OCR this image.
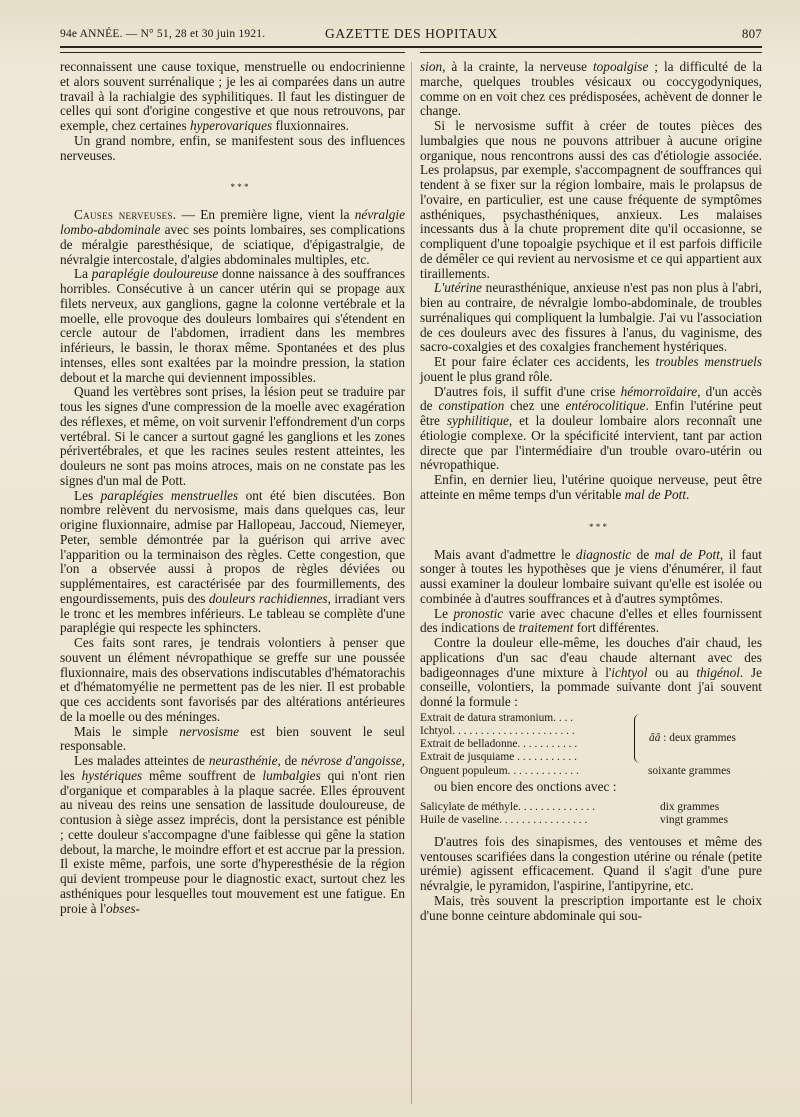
94e ANNÉE. — N° 51, 28 et 30 juin 1921.	GAZETTE DES HOPITAUX	807

reconnaissent une cause toxique, menstruelle ou endocrinienne et alors souvent surrénalique ; je les ai comparées dans un autre travail à la rachialgie des syphilitiques. Il faut les distinguer de celles qui sont d'origine congestive et que nous retrouvons, par exemple, chez certaines hyperovariques fluxionnaires.

Un grand nombre, enfin, se manifestent sous des influences nerveuses.

* * *

Causes nerveuses. — En première ligne, vient la névralgie lombo-abdominale avec ses points lombaires, ses complications de méralgie paresthésique, de sciatique, d'épigastralgie, de névralgie intercostale, d'algies abdominales multiples, etc.

La paraplégie douloureuse donne naissance à des souffrances horribles. Consécutive à un cancer utérin qui se propage aux filets nerveux, aux ganglions, gagne la colonne vertébrale et la moelle, elle provoque des douleurs lombaires qui s'étendent en cercle autour de l'abdomen, irradient dans les membres inférieurs, le bassin, le thorax même. Spontanées et des plus intenses, elles sont exaltées par la moindre pression, la station debout et la marche qui deviennent impossibles.

Quand les vertèbres sont prises, la lésion peut se traduire par tous les signes d'une compression de la moelle avec exagération des réflexes, et même, on voit survenir l'effondrement d'un corps vertébral. Si le cancer a surtout gagné les ganglions et les zones périvertébrales, et que les racines seules restent atteintes, les douleurs ne sont pas moins atroces, mais on ne constate pas les signes d'un mal de Pott.

Les paraplégies menstruelles ont été bien discutées. Bon nombre relèvent du nervosisme, mais dans quelques cas, leur origine fluxionnaire, admise par Hallopeau, Jaccoud, Niemeyer, Peter, semble démontrée par la guérison qui arrive avec l'apparition ou la terminaison des règles. Cette congestion, que l'on a observée aussi à propos de règles déviées ou supplémentaires, est caractérisée par des fourmillements, des engourdissements, puis des douleurs rachidiennes, irradiant vers le tronc et les membres inférieurs. Le tableau se complète d'une paraplégie qui respecte les sphincters.

Ces faits sont rares, je tendrais volontiers à penser que souvent un élément névropathique se greffe sur une poussée fluxionnaire, mais des observations indiscutables d'hématorachis et d'hématomyélie ne permettent pas de les nier. Il est probable que ces accidents sont favorisés par des altérations antérieures de la moelle ou des méninges.

Mais le simple nervosisme est bien souvent le seul responsable.

Les malades atteintes de neurasthénie, de névrose d'angoisse, les hystériques même souffrent de lumbalgies qui n'ont rien d'organique et comparables à la plaque sacrée. Elles éprouvent au niveau des reins une sensation de lassitude douloureuse, de contusion à siège assez imprécis, dont la persistance est pénible ; cette douleur s'accompagne d'une faiblesse qui gêne la station debout, la marche, le moindre effort et est accrue par la pression. Il existe même, parfois, une sorte d'hyperesthésie de la région qui devient trompeuse pour le diagnostic exact, surtout chez les asthéniques pour lesquelles tout mouvement est une fatigue. En proie à l'obses-

sion, à la crainte, la nerveuse topoalgise ; la difficulté de la marche, quelques troubles vésicaux ou coccygodyniques, comme on en voit chez ces prédisposées, achèvent de donner le change.

Si le nervosisme suffit à créer de toutes pièces des lumbalgies que nous ne pouvons attribuer à aucune origine organique, nous rencontrons aussi des cas d'étiologie associée. Les prolapsus, par exemple, s'accompagnent de souffrances qui tendent à se fixer sur la région lombaire, mais le prolapsus de l'ovaire, en particulier, est une cause fréquente de symptômes asthéniques, psychasthéniques, anxieux. Les malaises incessants dus à la chute proprement dite qu'il occasionne, se compliquent d'une topoalgie psychique et il est parfois difficile de démêler ce qui revient au nervosisme et ce qui appartient aux tiraillements.

L'utérine neurasthénique, anxieuse n'est pas non plus à l'abri, bien au contraire, de névralgie lombo-abdominale, de troubles surrénaliques qui compliquent la lumbalgie. J'ai vu l'association de ces douleurs avec des fissures à l'anus, du vaginisme, des sacro-coxalgies et des coxalgies franchement hystériques.

Et pour faire éclater ces accidents, les troubles menstruels jouent le plus grand rôle.

D'autres fois, il suffit d'une crise hémorroïdaire, d'un accès de constipation chez une entérocolitique. Enfin l'utérine peut être syphilitique, et la douleur lombaire alors reconnaît une étiologie complexe. Or la spécificité intervient, tant par action directe que par l'intermédiaire d'un trouble ovaro-utérin ou névropathique.

Enfin, en dernier lieu, l'utérine quoique nerveuse, peut être atteinte en même temps d'un véritable mal de Pott.

* * *

Mais avant d'admettre le diagnostic de mal de Pott, il faut songer à toutes les hypothèses que je viens d'énumérer, il faut aussi examiner la douleur lombaire suivant qu'elle est isolée ou combinée à d'autres souffrances et à d'autres symptômes.

Le pronostic varie avec chacune d'elles et elles fournissent des indications de traitement fort différentes.

Contre la douleur elle-même, les douches d'air chaud, les applications d'un sac d'eau chaude alternant avec des badigeonnages d'une mixture à l'ichtyol ou au thigénol. Je conseille, volontiers, la pommade suivante dont j'ai souvent donné la formule :

Extrait de datura stramonium. . . .
Ichtyol. . . . . . . . . . . . . . . . . . . . . .
Extrait de belladonne. . . . . . . . . . .
Extrait de jusquiame . . . . . . . . . . .
ââ : deux grammes
Onguent populeum. . . . . . . . . . . . .	soixante grammes

ou bien encore des onctions avec :

Salicylate de méthyle. . . . . . . . . . . . . .	dix grammes
Huile de vaseline. . . . . . . . . . . . . . . .	vingt grammes

D'autres fois des sinapismes, des ventouses et même des ventouses scarifiées dans la congestion utérine ou rénale (petite urémie) agissent efficacement. Quand il s'agit d'une pure névralgie, le pyramidon, l'aspirine, l'antipyrine, etc.

Mais, très souvent la prescription importante est le choix d'une bonne ceinture abdominale qui sou-
